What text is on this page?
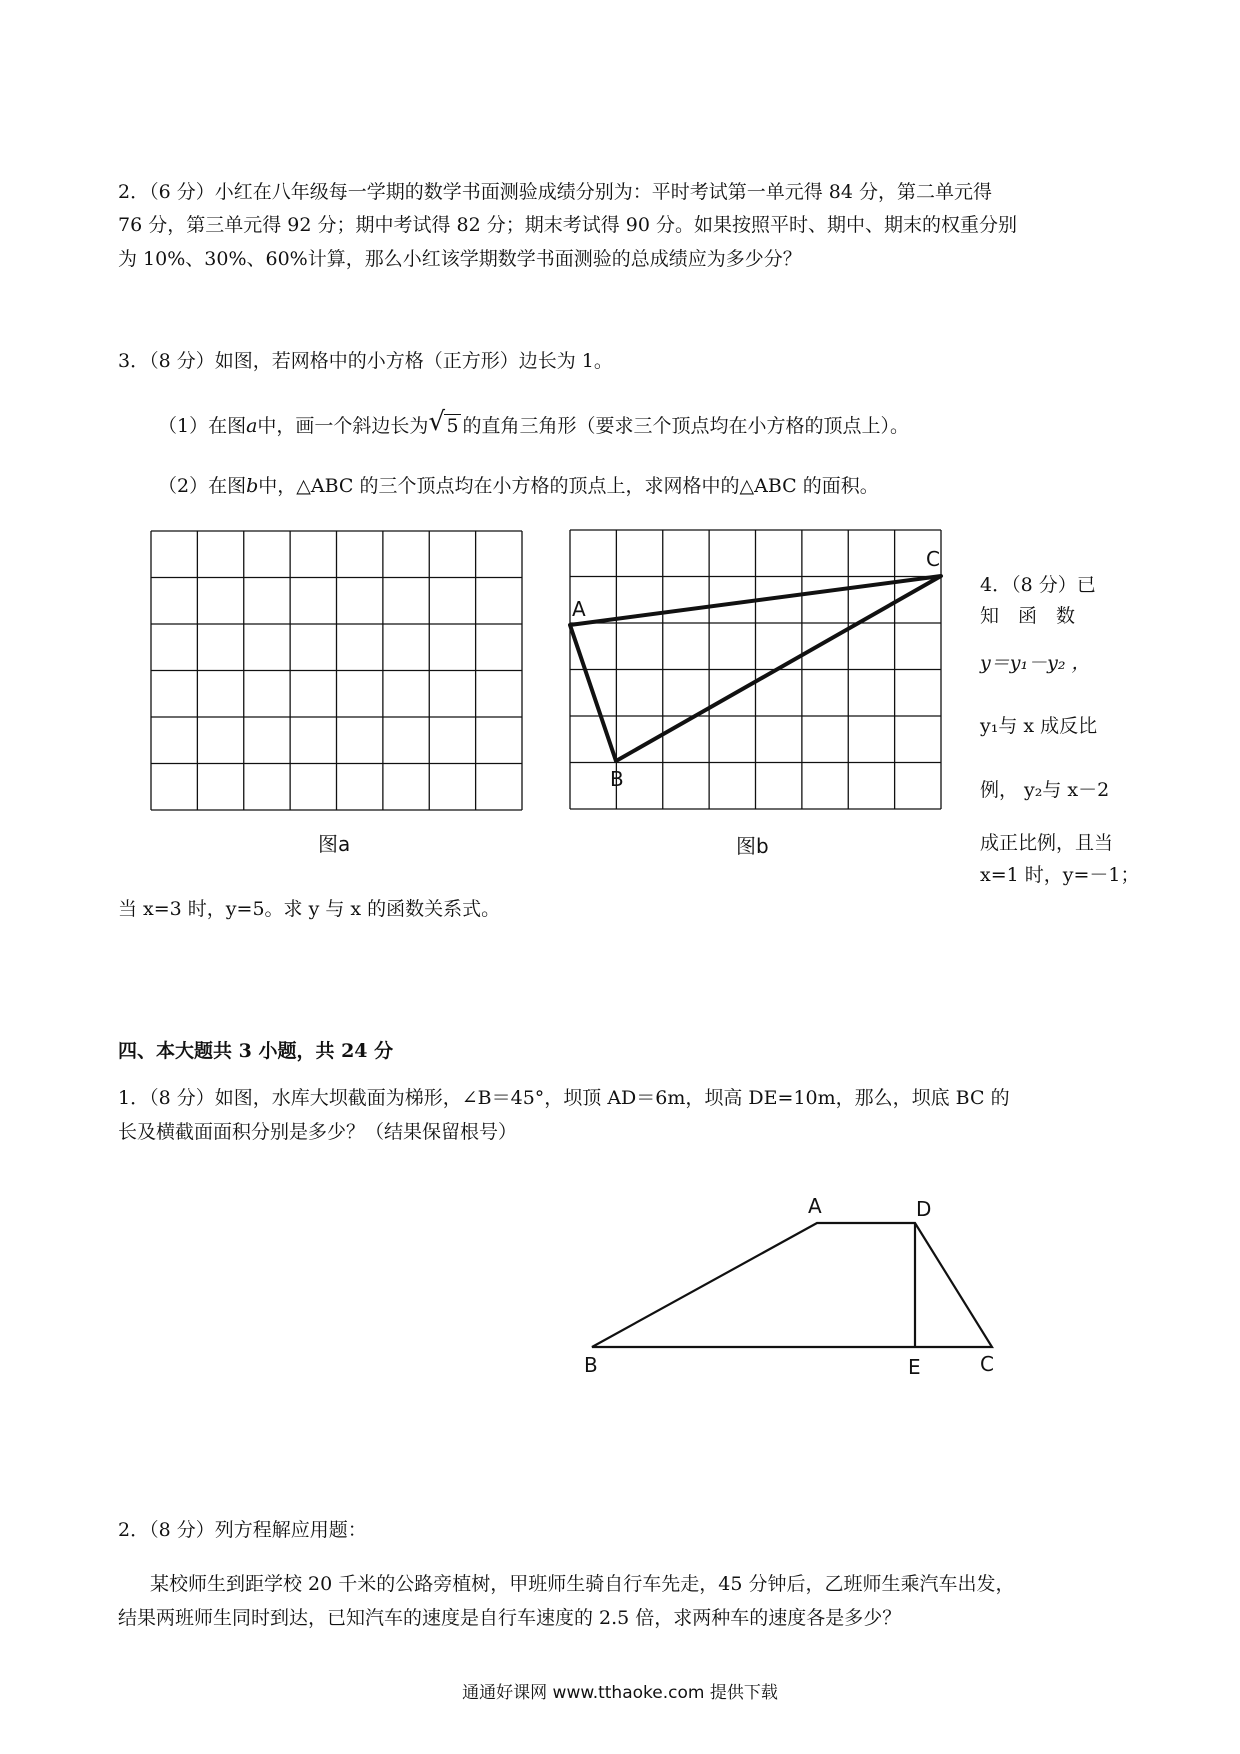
2．（6 分）小红在八年级每一学期的数学书面测验成绩分别为：平时考试第一单元得 84 分，第二单元得
76 分，第三单元得 92 分；期中考试得 82 分；期末考试得 90 分。如果按照平时、期中、期末的权重分别
为 10%、30%、60%计算，那么小红该学期数学书面测验的总成绩应为多少分？
3．（8 分）如图，若网格中的小方格（正方形）边长为 1。
（1）在图a中，画一个斜边长为√ 5 的直角三角形（要求三个顶点均在小方格的顶点上）。
（2）在图b中，△ABC 的三个顶点均在小方格的顶点上，求网格中的△ABC 的面积。
图a
A
B
C
图b
4．（8 分）已
知　函　数
y＝y₁－y₂ ，
y₁与 x 成反比
例， y₂与 x－2
成正比例，且当
x=1 时，y=－1；
当 x=3 时，y=5。求 y 与 x 的函数关系式。
四、本大题共 3 小题，共 24 分
1．（8 分）如图，水库大坝截面为梯形，∠B＝45°，坝顶 AD＝6m，坝高 DE=10m，那么，坝底 BC 的
长及横截面面积分别是多少？（结果保留根号）
A	D
B	E	C
2．（8 分）列方程解应用题：
某校师生到距学校 20 千米的公路旁植树，甲班师生骑自行车先走，45 分钟后，乙班师生乘汽车出发，
结果两班师生同时到达，已知汽车的速度是自行车速度的 2.5 倍，求两种车的速度各是多少？
通通好课网 www.tthaoke.com 提供下载
